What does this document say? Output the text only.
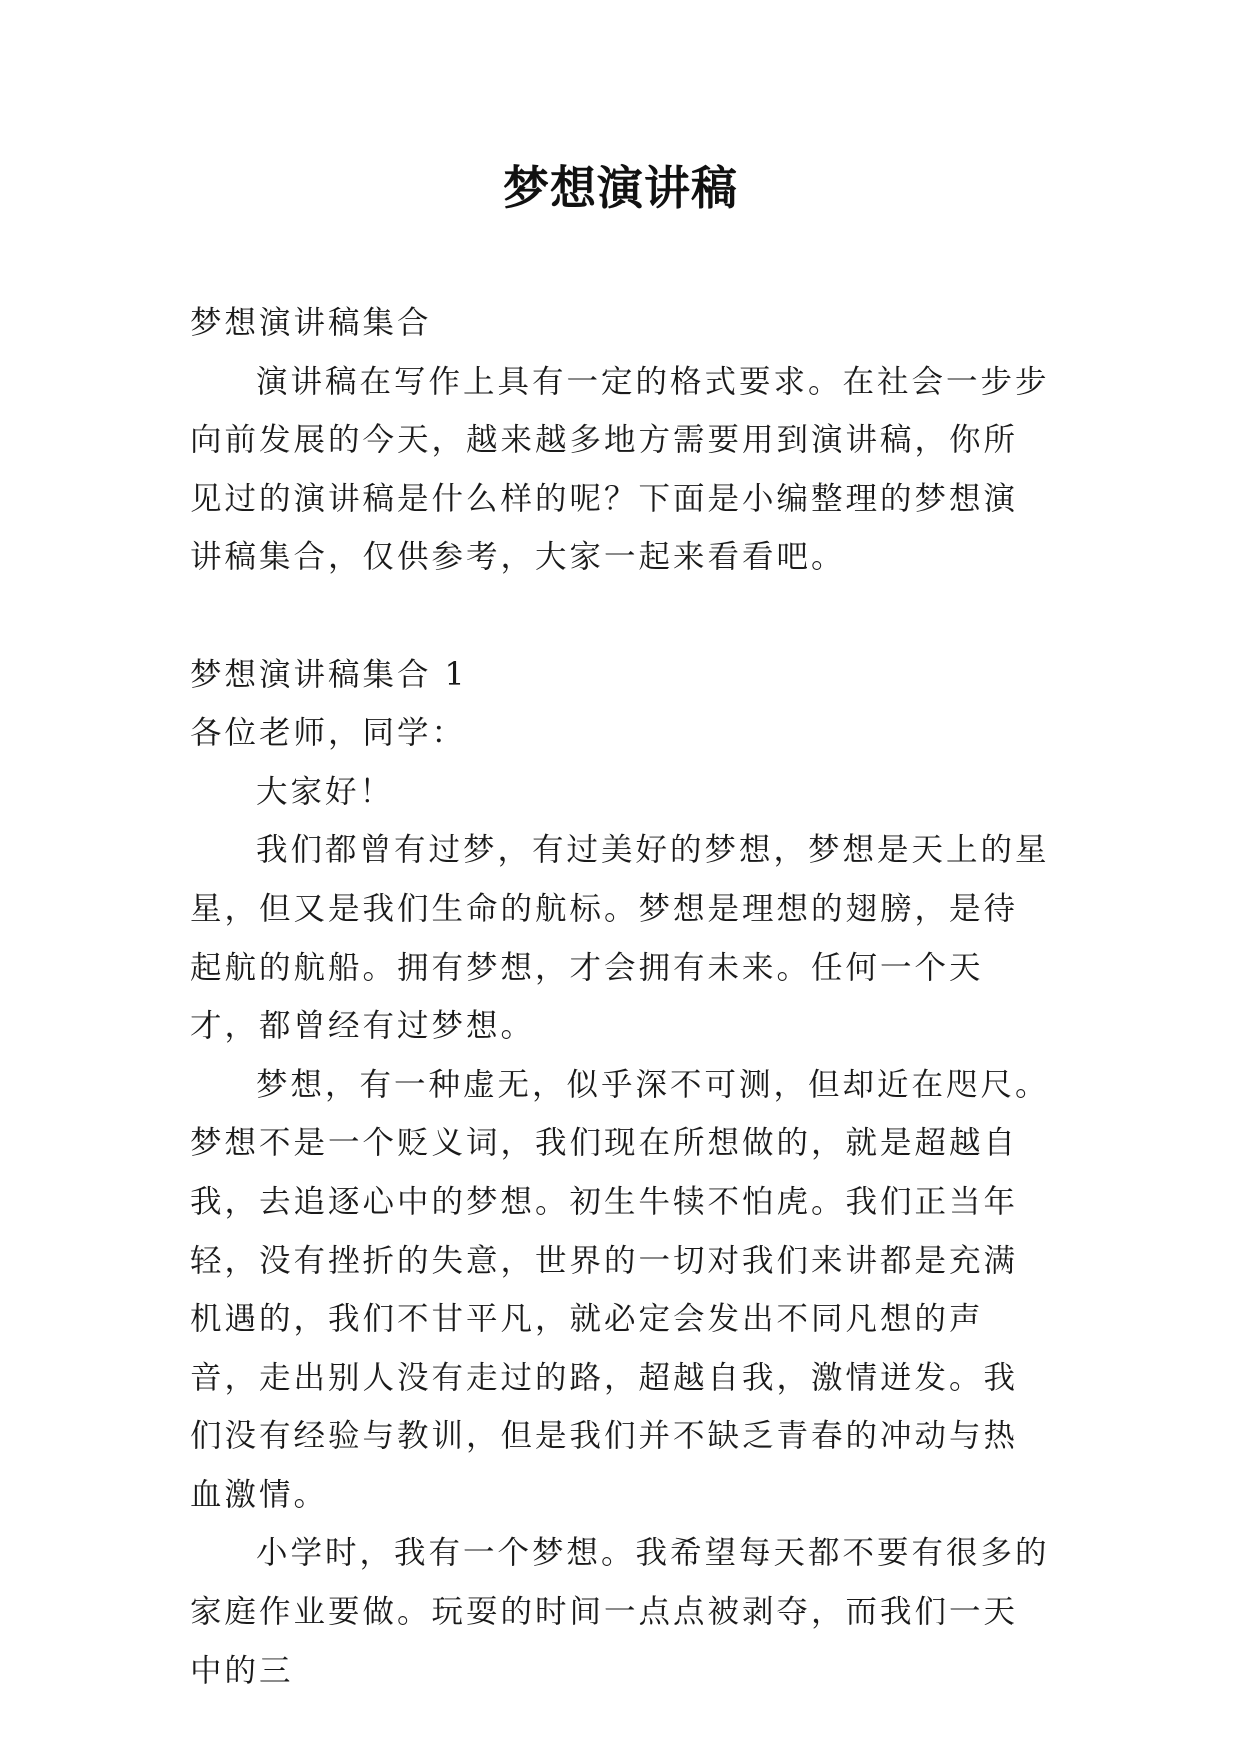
梦想演讲稿

梦想演讲稿集合

演讲稿在写作上具有一定的格式要求。在社会一步步向前发展的今天，越来越多地方需要用到演讲稿，你所见过的演讲稿是什么样的呢？下面是小编整理的梦想演讲稿集合，仅供参考，大家一起来看看吧。

梦想演讲稿集合 1

各位老师，同学：

大家好！

我们都曾有过梦，有过美好的梦想，梦想是天上的星星，但又是我们生命的航标。梦想是理想的翅膀，是待起航的航船。拥有梦想，才会拥有未来。任何一个天才，都曾经有过梦想。

梦想，有一种虚无，似乎深不可测，但却近在咫尺。梦想不是一个贬义词，我们现在所想做的，就是超越自我，去追逐心中的梦想。初生牛犊不怕虎。我们正当年轻，没有挫折的失意，世界的一切对我们来讲都是充满机遇的，我们不甘平凡，就必定会发出不同凡想的声音，走出别人没有走过的路，超越自我，激情迸发。我们没有经验与教训，但是我们并不缺乏青春的冲动与热血激情。

小学时，我有一个梦想。我希望每天都不要有很多的家庭作业要做。玩耍的时间一点点被剥夺，而我们一天中的三
